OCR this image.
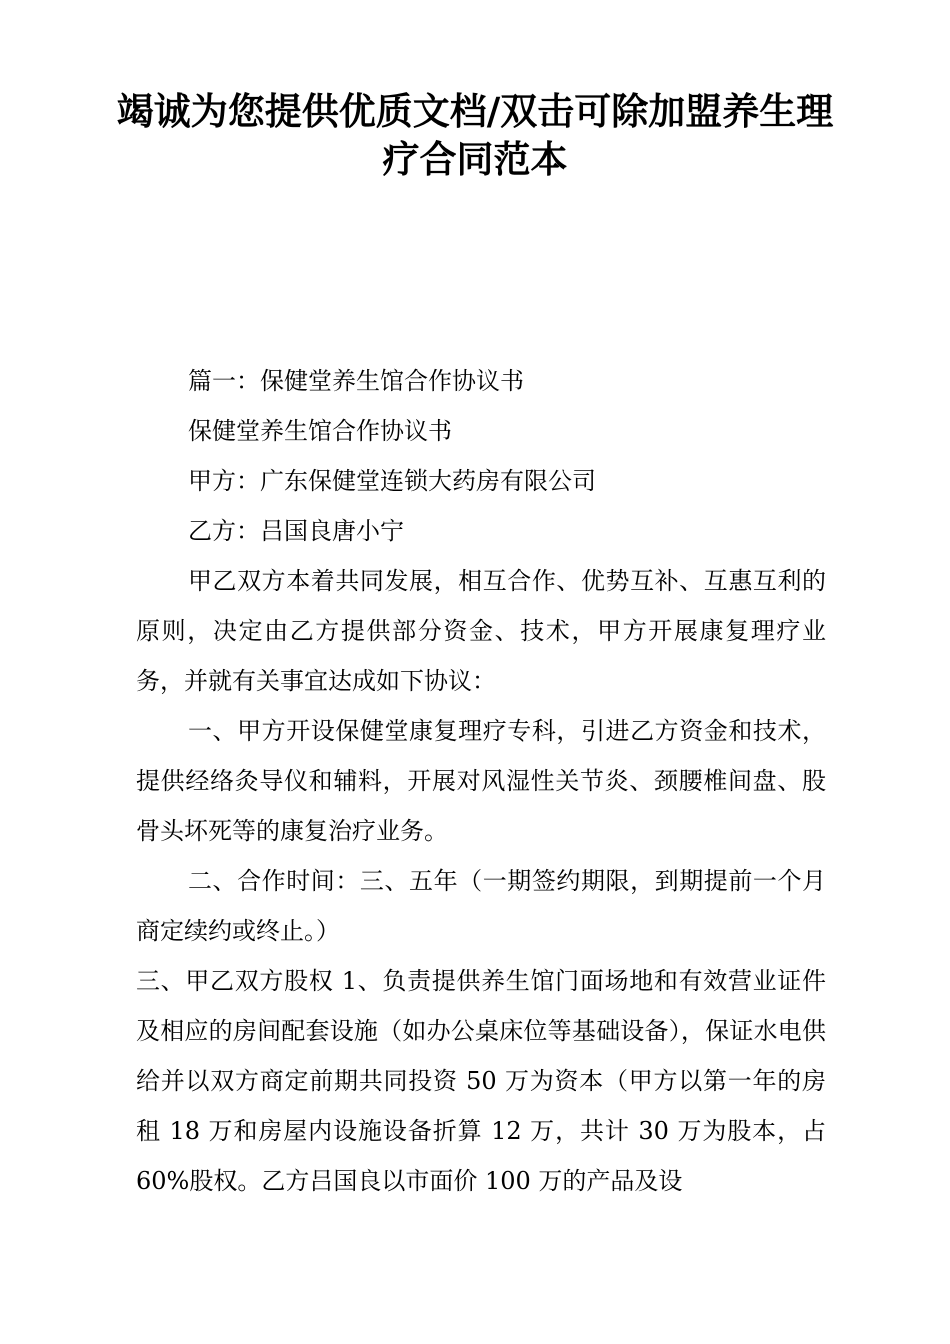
竭诚为您提供优质文档/双击可除加盟养生理疗合同范本

篇一：保健堂养生馆合作协议书

保健堂养生馆合作协议书

甲方：广东保健堂连锁大药房有限公司

乙方：吕国良唐小宁

甲乙双方本着共同发展，相互合作、优势互补、互惠互利的原则，决定由乙方提供部分资金、技术，甲方开展康复理疗业务，并就有关事宜达成如下协议：

一、甲方开设保健堂康复理疗专科，引进乙方资金和技术，提供经络灸导仪和辅料，开展对风湿性关节炎、颈腰椎间盘、股骨头坏死等的康复治疗业务。

二、合作时间：三、五年（一期签约期限，到期提前一个月商定续约或终止。）

三、甲乙双方股权 1、负责提供养生馆门面场地和有效营业证件及相应的房间配套设施（如办公桌床位等基础设备），保证水电供给并以双方商定前期共同投资 50 万为资本（甲方以第一年的房租 18 万和房屋内设施设备折算 12 万，共计 30 万为股本，占 60%股权。乙方吕国良以市面价 100 万的产品及设
